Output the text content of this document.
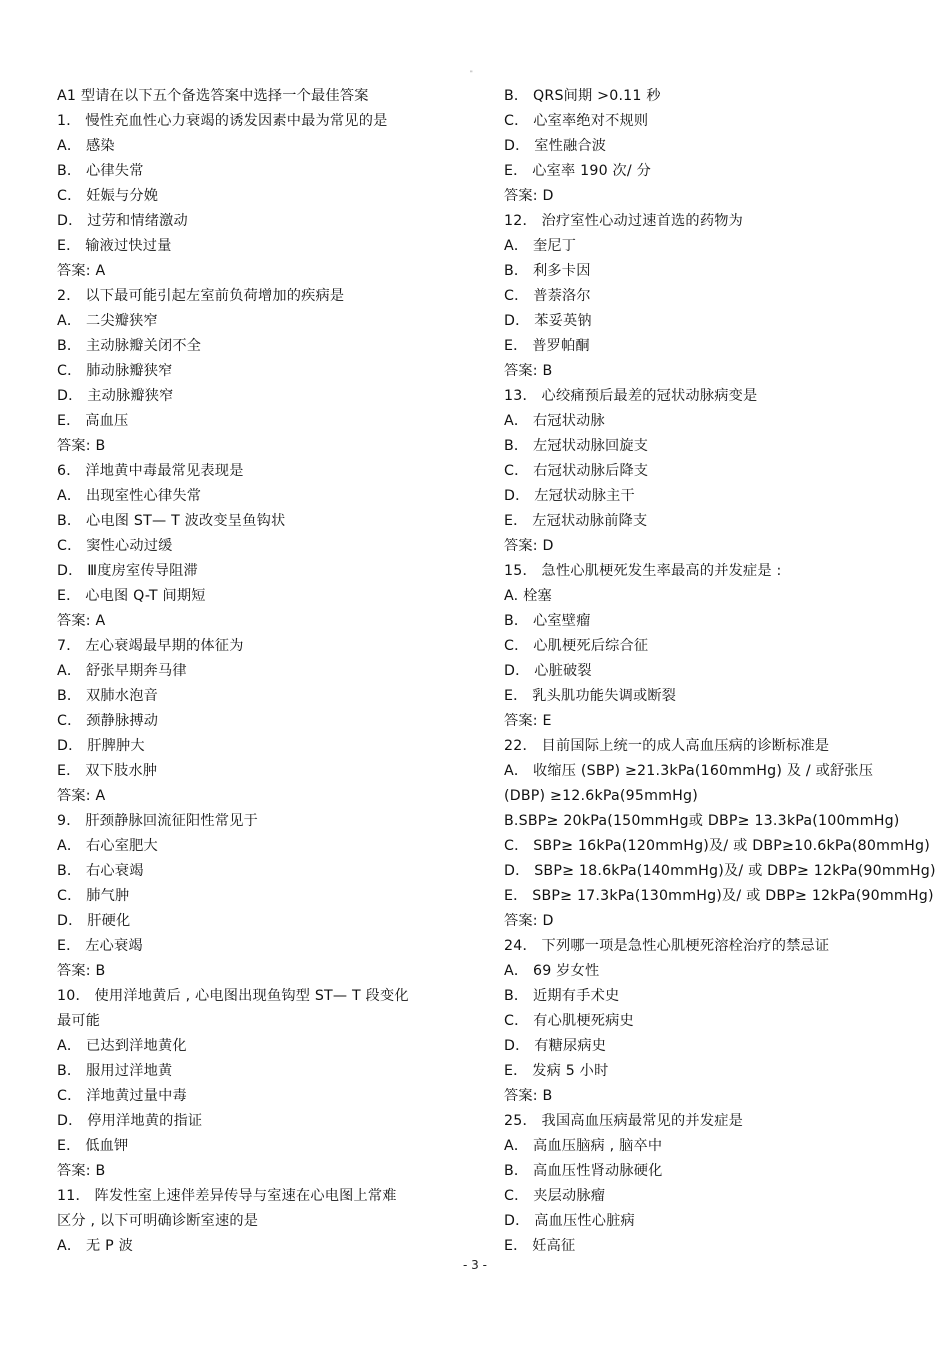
"
A1 型请在以下五个备选答案中选择一个最佳答案
1． 慢性充血性心力衰竭的诱发因素中最为常见的是
A． 感染
B． 心律失常
C． 妊娠与分娩
D． 过劳和情绪激动
E． 输液过快过量
答案: A
2． 以下最可能引起左室前负荷增加的疾病是
A． 二尖瓣狭窄
B． 主动脉瓣关闭不全
C． 肺动脉瓣狭窄
D． 主动脉瓣狭窄
E． 高血压
答案: B
6． 洋地黄中毒最常见表现是
A． 出现室性心律失常
B． 心电图 ST— T 波改变呈鱼钩状
C． 窦性心动过缓
D． Ⅲ度房室传导阻滞
E． 心电图 Q-T 间期短
答案: A
7． 左心衰竭最早期的体征为
A． 舒张早期奔马律
B． 双肺水泡音
C． 颈静脉搏动
D． 肝脾肿大
E． 双下肢水肿
答案: A
9． 肝颈静脉回流征阳性常见于
A． 右心室肥大
B． 右心衰竭
C． 肺气肿
D． 肝硬化
E． 左心衰竭
答案: B
10． 使用洋地黄后 , 心电图出现鱼钩型 ST— T 段变化
最可能
A． 已达到洋地黄化
B． 服用过洋地黄
C． 洋地黄过量中毒
D． 停用洋地黄的指证
E． 低血钾
答案: B
11． 阵发性室上速伴差异传导与室速在心电图上常难
区分 , 以下可明确诊断室速的是
A． 无 P 波
B． QRS间期 >0.11 秒
C． 心室率绝对不规则
D． 室性融合波
E． 心室率 190 次/ 分
答案: D
12． 治疗室性心动过速首选的药物为
A． 奎尼丁
B． 利多卡因
C． 普萘洛尔
D． 苯妥英钠
E． 普罗帕酮
答案: B
13． 心绞痛预后最差的冠状动脉病变是
A． 右冠状动脉
B． 左冠状动脉回旋支
C． 右冠状动脉后降支
D． 左冠状动脉主干
E． 左冠状动脉前降支
答案: D
15． 急性心肌梗死发生率最高的并发症是 :
A. 栓塞
B． 心室壁瘤
C． 心肌梗死后综合征
D． 心脏破裂
E． 乳头肌功能失调或断裂
答案: E
22． 目前国际上统一的成人高血压病的诊断标准是
A． 收缩压 (SBP) ≥21.3kPa(160mmHg) 及 / 或舒张压
(DBP) ≥12.6kPa(95mmHg)
B.SBP≥ 20kPa(150mmHg或 DBP≥ 13.3kPa(100mmHg)
C． SBP≥ 16kPa(120mmHg)及/ 或 DBP≥10.6kPa(80mmHg)
D． SBP≥ 18.6kPa(140mmHg)及/ 或 DBP≥ 12kPa(90mmHg)
E． SBP≥ 17.3kPa(130mmHg)及/ 或 DBP≥ 12kPa(90mmHg)
答案: D
24． 下列哪一项是急性心肌梗死溶栓治疗的禁忌证
A． 69 岁女性
B． 近期有手术史
C． 有心肌梗死病史
D． 有糖尿病史
E． 发病 5 小时
答案: B
25． 我国高血压病最常见的并发症是
A． 高血压脑病 , 脑卒中
B． 高血压性肾动脉硬化
C． 夹层动脉瘤
D． 高血压性心脏病
E． 妊高征
- 3 -
